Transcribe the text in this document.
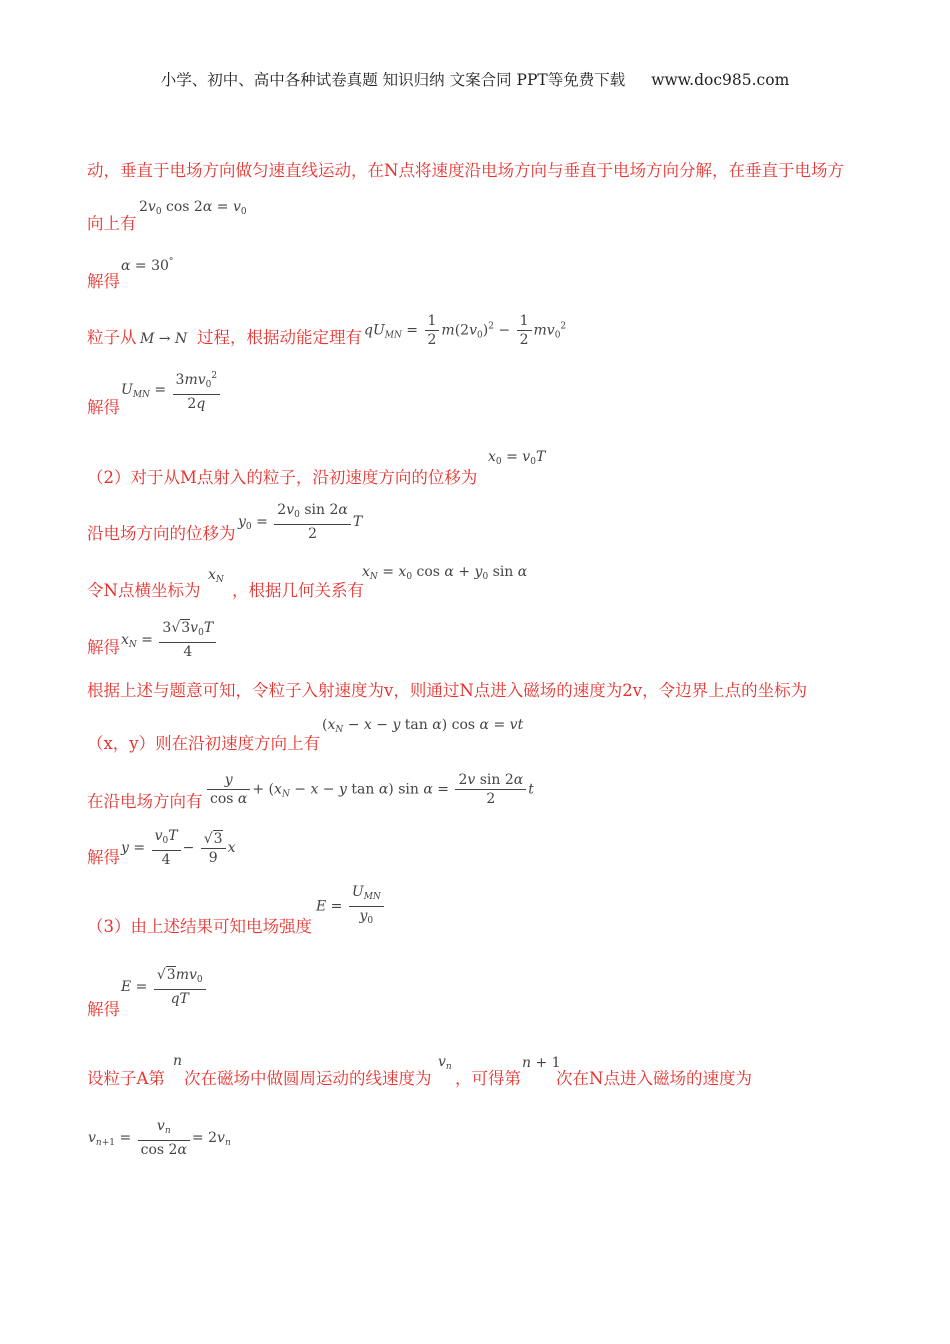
小学、初中、高中各种试卷真题 知识归纳 文案合同 PPT等免费下载 www.doc985.com
动，垂直于电场方向做匀速直线运动，在N点将速度沿电场方向与垂直于电场方向分解，在垂直于电场方
向上有
$2v_0$ $\cos 2\alpha = v_0$
解得
α = 30°
粒子从 M → N 过程，根据动能定理有 $qU_{MN} = \frac{1}{2} m(2v_0)^2 - \frac{1}{2} mv_0^2$
解得
$U_{MN} = \frac{3mv_0^2}{2q}$
（2）对于从M点射入的粒子，沿初速度方向的位移为
$x_0 = v_0T$
沿电场方向的位移为
$y_0 = \frac{2v_0 \sin 2\alpha}{2}$ T
令N点横坐标为
$x_N$
，根据几何关系有
$x_N = x_0$ $\cos \alpha + y_0$ sin α
解得 $x_N = \frac{3√3v_0T}{4}$
根据上述与题意可知，令粒子入射速度为v，则通过N点进入磁场的速度为2v，令边界上点的坐标为
（x，y）则在沿初速度方向上有
($x_N - x - y$ tan α) cos α = vt
在沿电场方向有 $\frac{y}{\text{cos α}} + (x_N - x - y$ tan α) $\sin \alpha = \frac{\text{2v sin 2α}}{2}$ t
解得 $y = \frac{v_0T}{4} - \frac{√3}{9}$ x
（3）由上述结果可知电场强度
$E = \frac{U_{MN}}{y_0}$
解得
$E = \frac{√3mv_0}{qT}$
设粒子A第
n
次在磁场中做圆周运动的线速度为
$v_n$
，可得第
n + 1
次在N点进入磁场的速度为
$v_{n+1} = \frac{v_n}{\cos 2\alpha} = 2v_n$
